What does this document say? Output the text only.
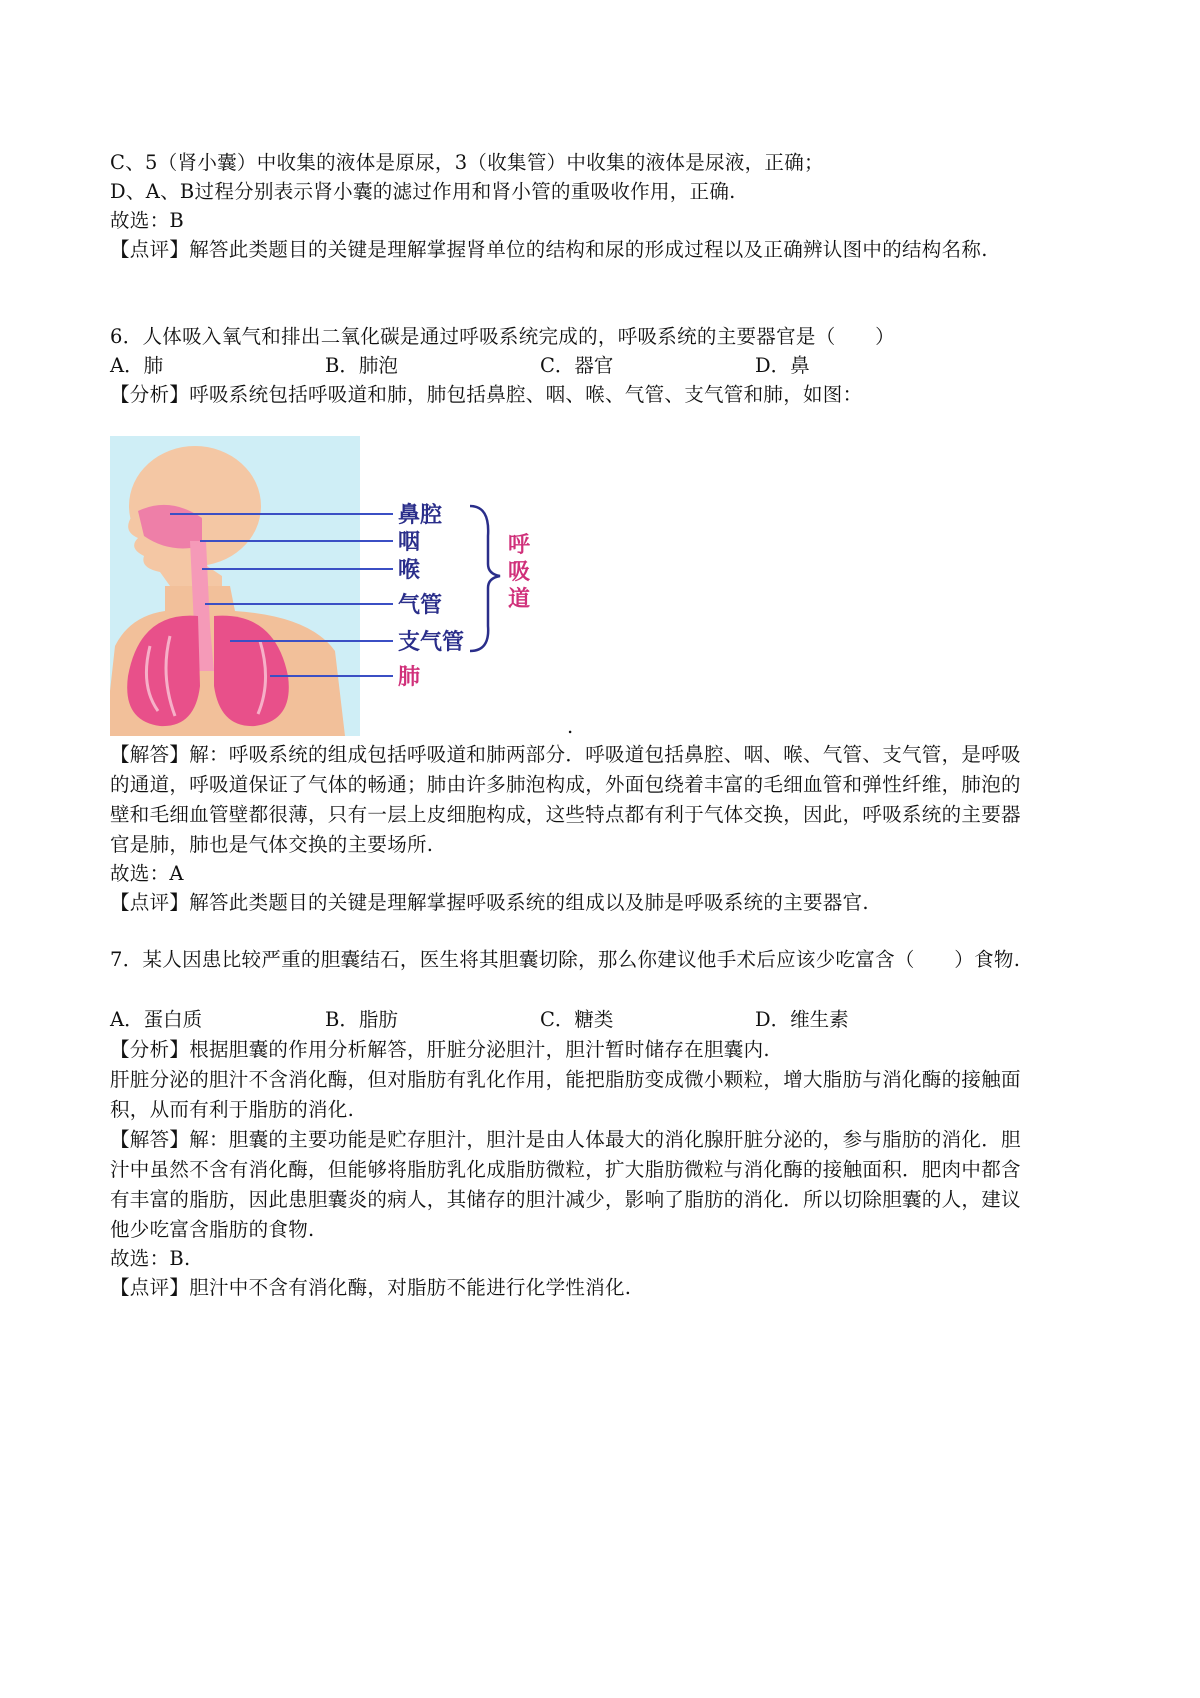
C、5（肾小囊）中收集的液体是原尿，3（收集管）中收集的液体是尿液，正确；
D、A、B过程分别表示肾小囊的滤过作用和肾小管的重吸收作用，正确.
故选：B
【点评】解答此类题目的关键是理解掌握肾单位的结构和尿的形成过程以及正确辨认图中的结构名称.
6．人体吸入氧气和排出二氧化碳是通过呼吸系统完成的，呼吸系统的主要器官是（　　）
A．肺	B．肺泡	C．器官	D．鼻
【分析】呼吸系统包括呼吸道和肺，肺包括鼻腔、咽、喉、气管、支气管和肺，如图：
鼻腔
咽
喉
气管
支气管
肺
呼
吸
道
.
【解答】解：呼吸系统的组成包括呼吸道和肺两部分．呼吸道包括鼻腔、咽、喉、气管、支气管，是呼吸
的通道，呼吸道保证了气体的畅通；肺由许多肺泡构成，外面包绕着丰富的毛细血管和弹性纤维，肺泡的
壁和毛细血管壁都很薄，只有一层上皮细胞构成，这些特点都有利于气体交换，因此，呼吸系统的主要器
官是肺，肺也是气体交换的主要场所.
故选：A
【点评】解答此类题目的关键是理解掌握呼吸系统的组成以及肺是呼吸系统的主要器官.
7．某人因患比较严重的胆囊结石，医生将其胆囊切除，那么你建议他手术后应该少吃富含（　　）食物.
A．蛋白质	B．脂肪	C．糖类	D．维生素
【分析】根据胆囊的作用分析解答，肝脏分泌胆汁，胆汁暂时储存在胆囊内.
肝脏分泌的胆汁不含消化酶，但对脂肪有乳化作用，能把脂肪变成微小颗粒，增大脂肪与消化酶的接触面
积，从而有利于脂肪的消化.
【解答】解：胆囊的主要功能是贮存胆汁，胆汁是由人体最大的消化腺肝脏分泌的，参与脂肪的消化．胆
汁中虽然不含有消化酶，但能够将脂肪乳化成脂肪微粒，扩大脂肪微粒与消化酶的接触面积．肥肉中都含
有丰富的脂肪，因此患胆囊炎的病人，其储存的胆汁减少，影响了脂肪的消化．所以切除胆囊的人，建议
他少吃富含脂肪的食物.
故选：B.
【点评】胆汁中不含有消化酶，对脂肪不能进行化学性消化.
